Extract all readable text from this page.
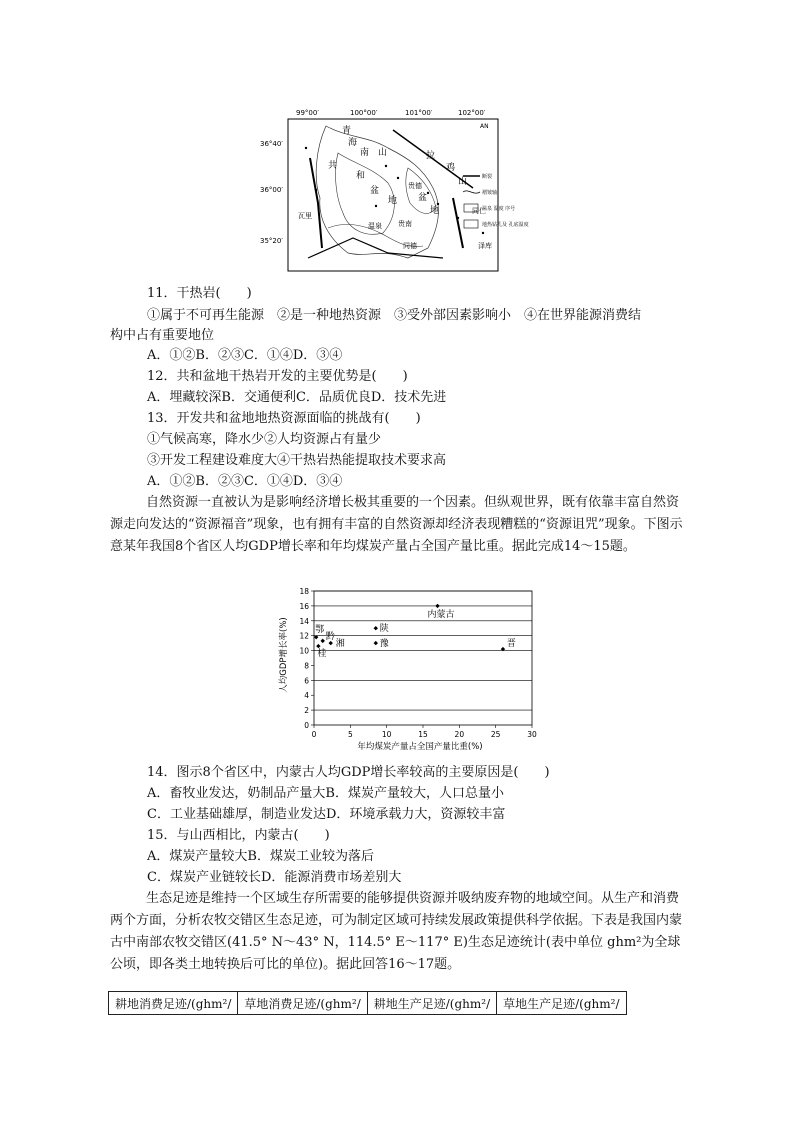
99°00′	100°00′	101°00′	102°00′
36°40′
36°00′
35°20′
AN
青
海
南 山	拉
鸡
山
共
和
盆
地
贵德
盆
地	同仁
瓦里
贵南
温泉
同德	泽库
断裂
褶皱轴
温泉 温度 序号
地热钻孔及 孔底温度
11．干热岩(　　)
①属于不可再生能源　②是一种地热资源　③受外部因素影响小　④在世界能源消费结
构中占有重要地位
A．①②B．②③C．①④D．③④
12．共和盆地干热岩开发的主要优势是(　　)
A．埋藏较深B．交通便利C．品质优良D．技术先进
13．开发共和盆地地热资源面临的挑战有(　　)
①气候高寒，降水少②人均资源占有量少
③开发工程建设难度大④干热岩热能提取技术要求高
A．①②B．②③C．①④D．③④

自然资源一直被认为是影响经济增长极其重要的一个因素。但纵观世界，既有依靠丰富自然资源走向发达的“资源福音”现象，也有拥有丰富的自然资源却经济表现糟糕的“资源诅咒”现象。下图示意某年我国8个省区人均GDP增长率和年均煤炭产量占全国产量比重。据此完成14～15题。

0
2
4
6
8
10
12
14
16
18
0	5	10	15	20	25	30
内蒙古
陕
豫	晋
湘
黔
鄂
桂
年均煤炭产量占全国产量比重(%)
人均GDP增长率(%)
14．图示8个省区中，内蒙古人均GDP增长率较高的主要原因是(　　)
A．畜牧业发达，奶制品产量大B．煤炭产量较大，人口总量小
C．工业基础雄厚，制造业发达D．环境承载力大，资源较丰富
15．与山西相比，内蒙古(　　)
A．煤炭产量较大B．煤炭工业较为落后
C．煤炭产业链较长D．能源消费市场差别大

生态足迹是维持一个区域生存所需要的能够提供资源并吸纳废弃物的地域空间。从生产和消费两个方面，分析农牧交错区生态足迹，可为制定区域可持续发展政策提供科学依据。下表是我国内蒙古中南部农牧交错区(41.5° N～43° N，114.5° E～117° E)生态足迹统计(表中单位 ghm²为全球公顷，即各类土地转换后可比的单位)。据此回答16～17题。

耕地消费足迹/(ghm²/	草地消费足迹/(ghm²/	耕地生产足迹/(ghm²/	草地生产足迹/(ghm²/
